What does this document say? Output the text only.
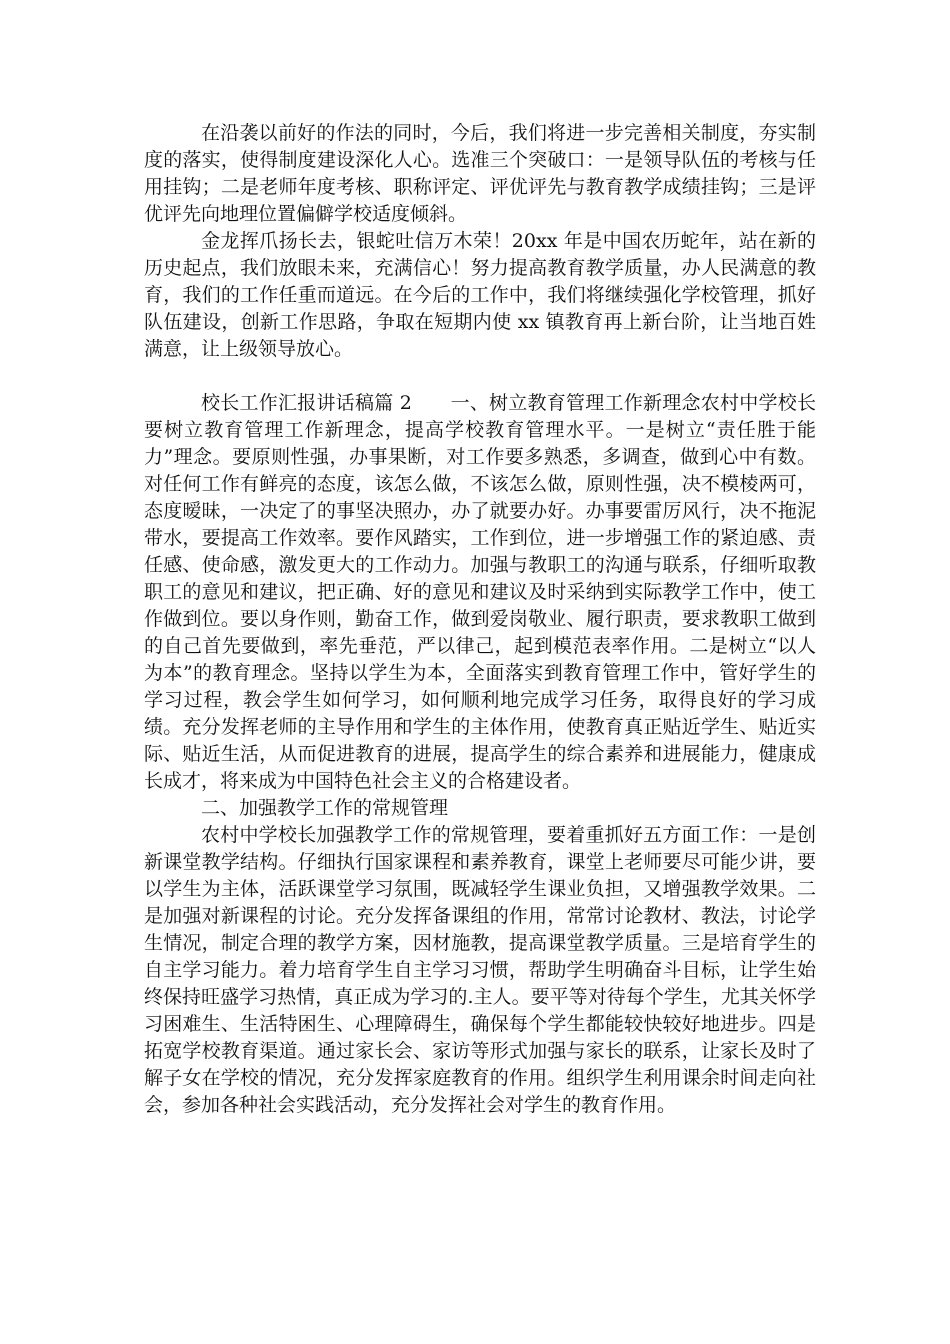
在沿袭以前好的作法的同时，今后，我们将进一步完善相关制度，夯实制度的落实，使得制度建设深化人心。选准三个突破口：一是领导队伍的考核与任用挂钩；二是老师年度考核、职称评定、评优评先与教育教学成绩挂钩；三是评优评先向地理位置偏僻学校适度倾斜。

金龙挥爪扬长去，银蛇吐信万木荣！20xx 年是中国农历蛇年，站在新的历史起点，我们放眼未来，充满信心！努力提高教育教学质量，办人民满意的教育，我们的工作任重而道远。在今后的工作中，我们将继续强化学校管理，抓好队伍建设，创新工作思路，争取在短期内使 xx 镇教育再上新台阶，让当地百姓满意，让上级领导放心。

校长工作汇报讲话稿篇 2　　一、树立教育管理工作新理念农村中学校长要树立教育管理工作新理念，提高学校教育管理水平。一是树立“责任胜于能力”理念。要原则性强，办事果断，对工作要多熟悉，多调查，做到心中有数。对任何工作有鲜亮的态度，该怎么做，不该怎么做，原则性强，决不模棱两可，态度暧昧，一决定了的事坚决照办，办了就要办好。办事要雷厉风行，决不拖泥带水，要提高工作效率。要作风踏实，工作到位，进一步增强工作的紧迫感、责任感、使命感，激发更大的工作动力。加强与教职工的沟通与联系，仔细听取教职工的意见和建议，把正确、好的意见和建议及时采纳到实际教学工作中，使工作做到位。要以身作则，勤奋工作，做到爱岗敬业、履行职责，要求教职工做到的自己首先要做到，率先垂范，严以律己，起到模范表率作用。二是树立“以人为本”的教育理念。坚持以学生为本，全面落实到教育管理工作中，管好学生的学习过程，教会学生如何学习，如何顺利地完成学习任务，取得良好的学习成绩。充分发挥老师的主导作用和学生的主体作用，使教育真正贴近学生、贴近实际、贴近生活，从而促进教育的进展，提高学生的综合素养和进展能力，健康成长成才，将来成为中国特色社会主义的合格建设者。

二、加强教学工作的常规管理

农村中学校长加强教学工作的常规管理，要着重抓好五方面工作：一是创新课堂教学结构。仔细执行国家课程和素养教育，课堂上老师要尽可能少讲，要以学生为主体，活跃课堂学习氛围，既减轻学生课业负担，又增强教学效果。二是加强对新课程的讨论。充分发挥备课组的作用，常常讨论教材、教法，讨论学生情况，制定合理的教学方案，因材施教，提高课堂教学质量。三是培育学生的自主学习能力。着力培育学生自主学习习惯，帮助学生明确奋斗目标，让学生始终保持旺盛学习热情，真正成为学习的.主人。要平等对待每个学生，尤其关怀学习困难生、生活特困生、心理障碍生，确保每个学生都能较快较好地进步。四是拓宽学校教育渠道。通过家长会、家访等形式加强与家长的联系，让家长及时了解子女在学校的情况，充分发挥家庭教育的作用。组织学生利用课余时间走向社会，参加各种社会实践活动，充分发挥社会对学生的教育作用。
